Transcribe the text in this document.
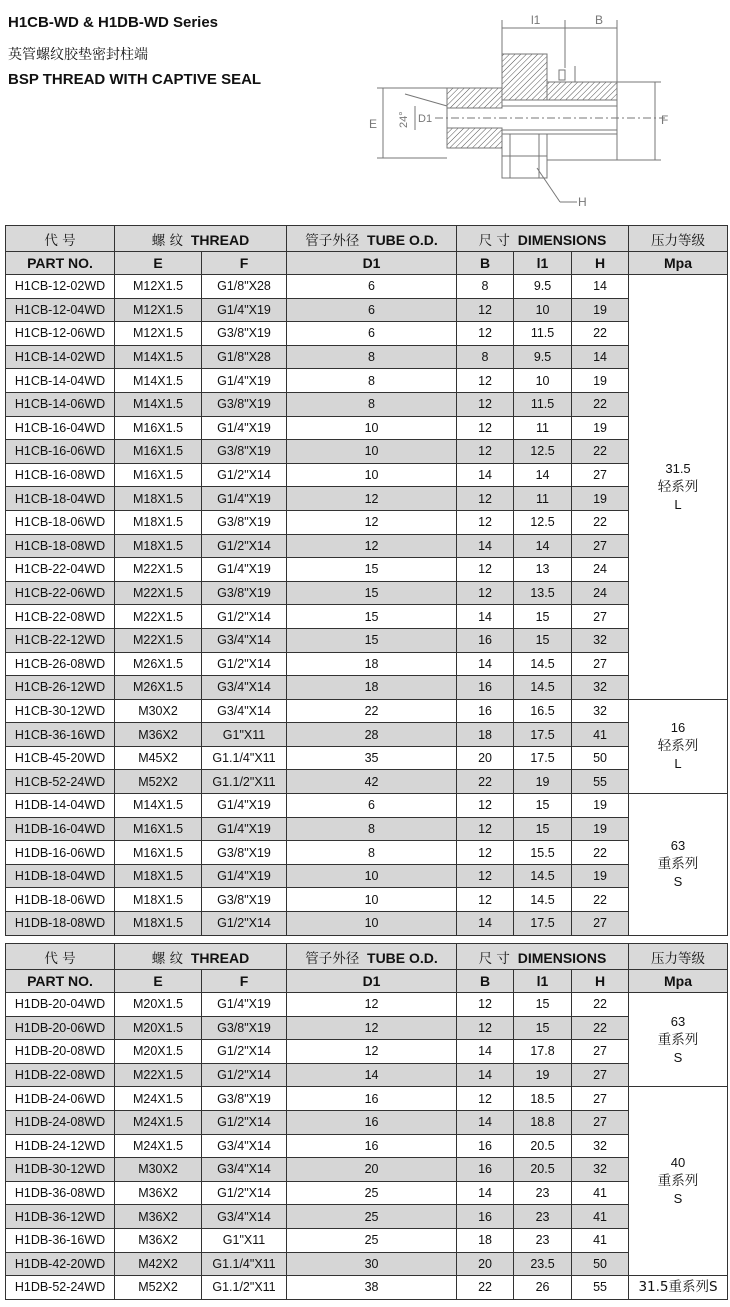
H1CB-WD & H1DB-WD Series
英管螺纹胶垫密封柱端
BSP THREAD WITH CAPTIVE SEAL
l1	B
E 24° D1	F
H
代 号	螺 纹 THREAD		管子外径 TUBE O.D.	尺 寸 DIMENSIONS			压力等级
PART NO.	E	F	D1	B	l1	H	Mpa
H1CB-12-02WD	M12X1.5	G1/8"X28	6	8	9.5	14	31.5
轻系列
L

H1CB-12-04WD	M12X1.5	G1/4"X19	6	12	10	19	
H1CB-12-06WD	M12X1.5	G3/8"X19	6	12	11.5	22	
H1CB-14-02WD	M14X1.5	G1/8"X28	8	8	9.5	14	
H1CB-14-04WD	M14X1.5	G1/4"X19	8	12	10	19	
H1CB-14-06WD	M14X1.5	G3/8"X19	8	12	11.5	22	
H1CB-16-04WD	M16X1.5	G1/4"X19	10	12	11	19	
H1CB-16-06WD	M16X1.5	G3/8"X19	10	12	12.5	22	
H1CB-16-08WD	M16X1.5	G1/2"X14	10	14	14	27	
H1CB-18-04WD	M18X1.5	G1/4"X19	12	12	11	19	
H1CB-18-06WD	M18X1.5	G3/8"X19	12	12	12.5	22	
H1CB-18-08WD	M18X1.5	G1/2"X14	12	14	14	27	
H1CB-22-04WD	M22X1.5	G1/4"X19	15	12	13	24	
H1CB-22-06WD	M22X1.5	G3/8"X19	15	12	13.5	24	
H1CB-22-08WD	M22X1.5	G1/2"X14	15	14	15	27	
H1CB-22-12WD	M22X1.5	G3/4"X14	15	16	15	32	
H1CB-26-08WD	M26X1.5	G1/2"X14	18	14	14.5	27	
H1CB-26-12WD	M26X1.5	G3/4"X14	18	16	14.5	32	
H1CB-30-12WD	M30X2	G3/4"X14	22	16	16.5	32	16
轻系列
L

H1CB-36-16WD	M36X2	G1"X11	28	18	17.5	41	
H1CB-45-20WD	M45X2	G1.1/4"X11	35	20	17.5	50	
H1CB-52-24WD	M52X2	G1.1/2"X11	42	22	19	55	
H1DB-14-04WD	M14X1.5	G1/4"X19	6	12	15	19	63
重系列
S

H1DB-16-04WD	M16X1.5	G1/4"X19	8	12	15	19	
H1DB-16-06WD	M16X1.5	G3/8"X19	8	12	15.5	22	
H1DB-18-04WD	M18X1.5	G1/4"X19	10	12	14.5	19	
H1DB-18-06WD	M18X1.5	G3/8"X19	10	12	14.5	22	
H1DB-18-08WD	M18X1.5	G1/2"X14	10	14	17.5	27	
代 号	螺 纹 THREAD		管子外径 TUBE O.D.	尺 寸 DIMENSIONS			压力等级
PART NO.	E	F	D1	B	l1	H	Mpa
H1DB-20-04WD	M20X1.5	G1/4"X19	12	12	15	22	63
重系列
S

H1DB-20-06WD	M20X1.5	G3/8"X19	12	12	15	22	
H1DB-20-08WD	M20X1.5	G1/2"X14	12	14	17.8	27	
H1DB-22-08WD	M22X1.5	G1/2"X14	14	14	19	27	
H1DB-24-06WD	M24X1.5	G3/8"X19	16	12	18.5	27	40
重系列
S

H1DB-24-08WD	M24X1.5	G1/2"X14	16	14	18.8	27	
H1DB-24-12WD	M24X1.5	G3/4"X14	16	16	20.5	32	
H1DB-30-12WD	M30X2	G3/4"X14	20	16	20.5	32	
H1DB-36-08WD	M36X2	G1/2"X14	25	14	23	41	
H1DB-36-12WD	M36X2	G3/4"X14	25	16	23	41	
H1DB-36-16WD	M36X2	G1"X11	25	18	23	41	
H1DB-42-20WD	M42X2	G1.1/4"X11	30	20	23.5	50	
H1DB-52-24WD	M52X2	G1.1/2"X11	38	22	26	55	31.5重系列S
